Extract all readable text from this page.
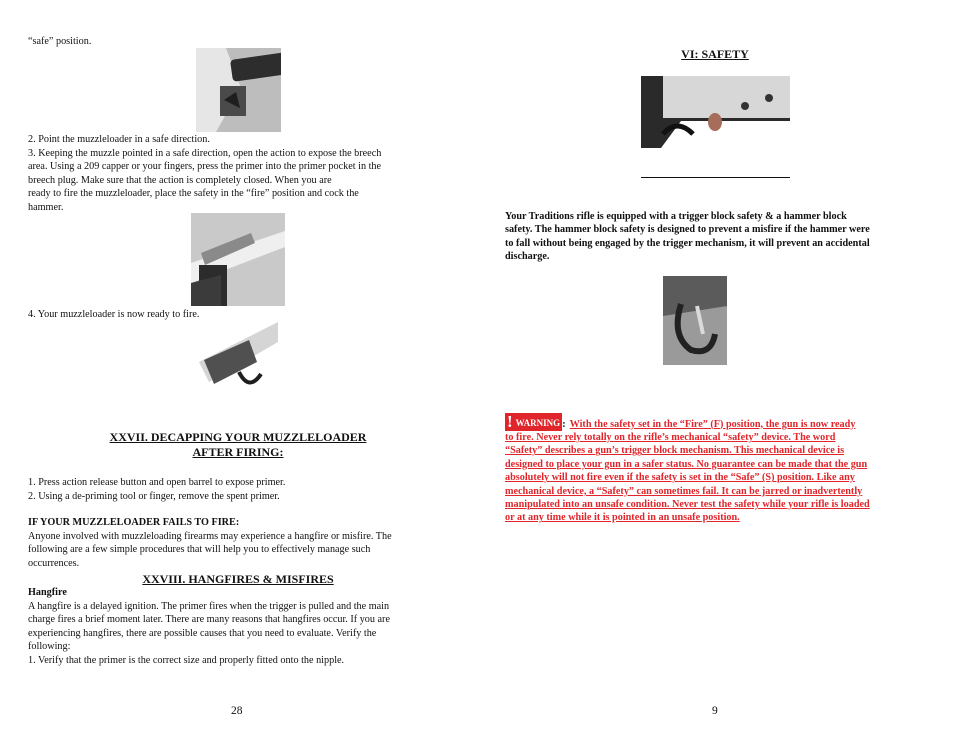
“safe” position.
2. Point the muzzleloader in a safe direction.
3. Keeping the muzzle pointed in a safe direction, open the action to expose the breech
area. Using a 209 capper or your fingers, press the primer into the primer pocket in the
breech plug. Make sure that the action is completely closed. When you are
ready to fire the muzzleloader, place the safety in the “fire” position and cock the
hammer.
4. Your muzzleloader is now ready to fire.
XXVII. DECAPPING YOUR MUZZLELOADER
AFTER FIRING:
1. Press action release button and open barrel to expose primer.
2. Using a de-priming tool or finger, remove the spent primer.
IF YOUR MUZZLELOADER FAILS TO FIRE:
Anyone involved with muzzleloading firearms may experience a hangfire or misfire. The
following are a few simple procedures that will help you to effectively manage such
occurrences.
XXVIII. HANGFIRES & MISFIRES
Hangfire
A hangfire is a delayed ignition. The primer fires when the trigger is pulled and the main
charge fires a brief moment later. There are many reasons that hangfires occur. If you are
experiencing hangfires, there are possible causes that you need to evaluate. Verify the
following:
1. Verify that the primer is the correct size and properly fitted onto the nipple.
28
VI: SAFETY
Your Traditions rifle is equipped with a trigger block safety & a hammer block
safety. The hammer block safety is designed to prevent a misfire if the hammer were
to fall without being engaged by the trigger mechanism, it will prevent an accidental
discharge.
! WARNING :
With the safety set in the “Fire” (F) position, the gun is now ready
to fire. Never rely totally on the rifle’s mechanical “safety” device. The word
“Safety” describes a gun’s trigger block mechanism. This mechanical device is
designed to place your gun in a safer status. No guarantee can be made that the gun
absolutely will not fire even if the safety is set in the “Safe” (S) position. Like any
mechanical device, a “Safety” can sometimes fail. It can be jarred or inadvertently
manipulated into an unsafe condition. Never test the safety while your rifle is loaded
or at any time while it is pointed in an unsafe position.
9
